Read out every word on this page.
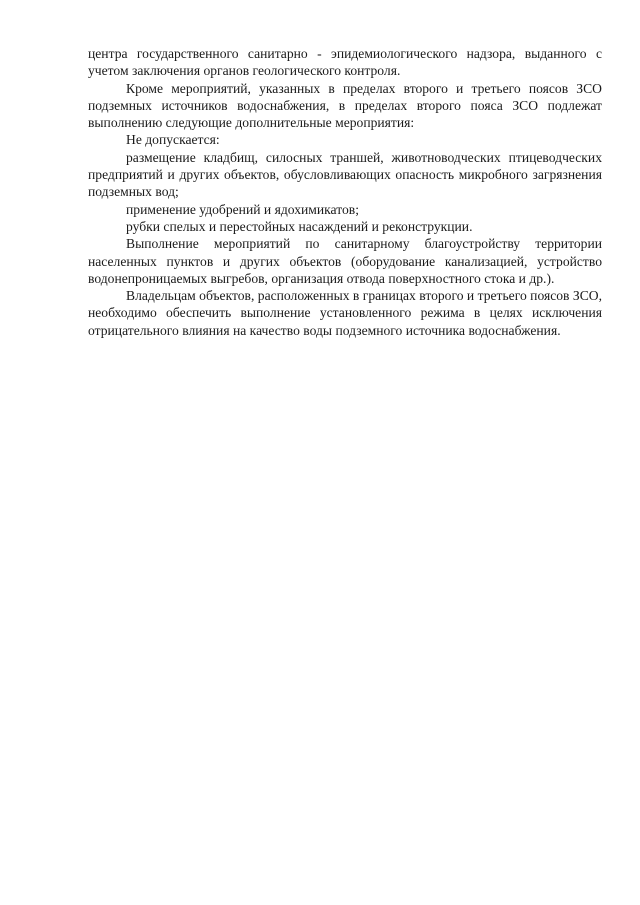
центра государственного санитарно - эпидемиологического надзора, выданного с учетом заключения органов геологического контроля.

Кроме мероприятий, указанных в пределах второго и третьего поясов ЗСО подземных источников водоснабжения, в пределах второго пояса ЗСО подлежат выполнению следующие дополнительные мероприятия:

Не допускается:

размещение кладбищ, силосных траншей, животноводческих птицеводческих предприятий и других объектов, обусловливающих опасность микробного загрязнения подземных вод;

применение удобрений и ядохимикатов;

рубки спелых и перестойных насаждений и реконструкции.

Выполнение мероприятий по санитарному благоустройству территории населенных пунктов и других объектов (оборудование канализацией, устройство водонепроницаемых выгребов, организация отвода поверхностного стока и др.).

Владельцам объектов, расположенных в границах второго и третьего поясов ЗСО, необходимо обеспечить выполнение установленного режима в целях исключения отрицательного влияния на качество воды подземного источника водоснабжения.
